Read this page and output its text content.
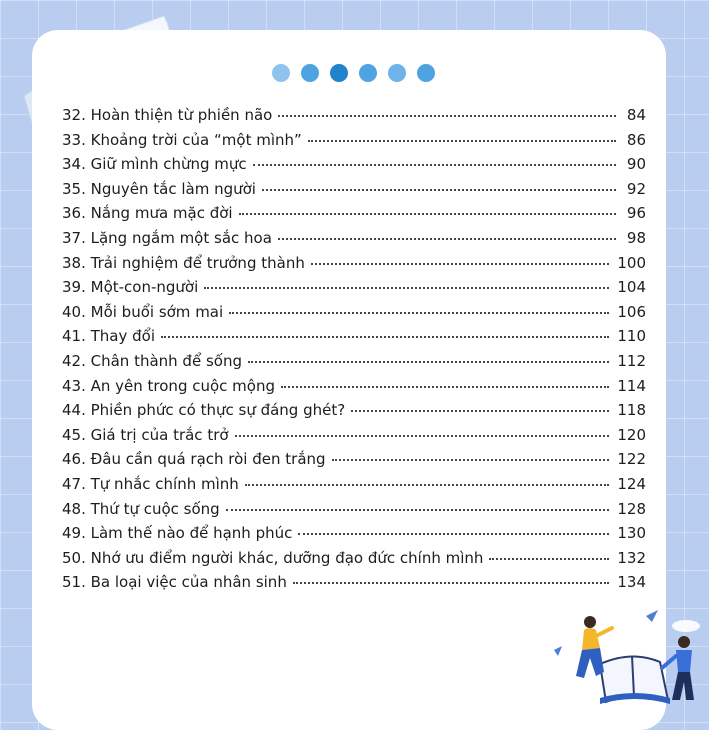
32. Hoàn thiện từ phiền não	84
33. Khoảng trời của “một mình”	86
34. Giữ mình chừng mực	90
35. Nguyên tắc làm người	92
36. Nắng mưa mặc đời	96
37. Lặng ngắm một sắc hoa	98
38. Trải nghiệm để trưởng thành	100
39. Một-con-người	104
40. Mỗi buổi sớm mai	106
41. Thay đổi	110
42. Chân thành để sống	112
43. An yên trong cuộc mộng	114
44. Phiền phức có thực sự đáng ghét?	118
45. Giá trị của trắc trở	120
46. Đâu cần quá rạch ròi đen trắng	122
47. Tự nhắc chính mình	124
48. Thứ tự cuộc sống	128
49. Làm thế nào để hạnh phúc	130
50. Nhớ ưu điểm người khác, dưỡng đạo đức chính mình	132
51. Ba loại việc của nhân sinh	134
